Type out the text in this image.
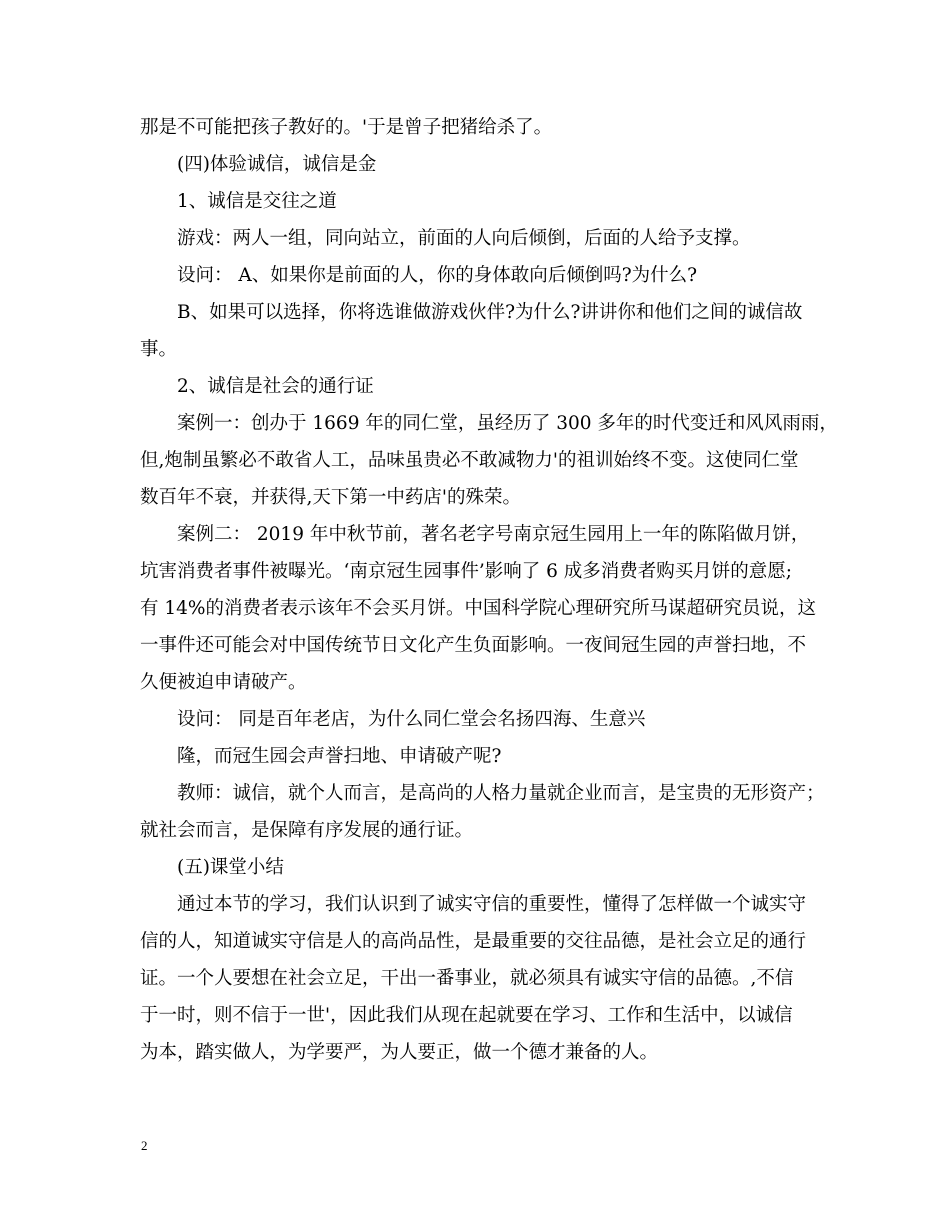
那是不可能把孩子教好的。'于是曾子把猪给杀了。
(四)体验诚信，诚信是金
1、诚信是交往之道
游戏：两人一组，同向站立，前面的人向后倾倒，后面的人给予支撑。
设问： A、如果你是前面的人，你的身体敢向后倾倒吗?为什么?
B、如果可以选择，你将选谁做游戏伙伴?为什么?讲讲你和他们之间的诚信故
事。
2、诚信是社会的通行证
案例一：创办于 1669 年的同仁堂，虽经历了 300 多年的时代变迁和风风雨雨，
但,炮制虽繁必不敢省人工，品味虽贵必不敢减物力'的祖训始终不变。这使同仁堂
数百年不衰，并获得,天下第一中药店'的殊荣。
案例二： 2019 年中秋节前，著名老字号南京冠生园用上一年的陈陷做月饼，
坑害消费者事件被曝光。‘南京冠生园事件’影响了 6 成多消费者购买月饼的意愿;
有 14%的消费者表示该年不会买月饼。中国科学院心理研究所马谋超研究员说，这
一事件还可能会对中国传统节日文化产生负面影响。一夜间冠生园的声誉扫地，不
久便被迫申请破产。
设问： 同是百年老店，为什么同仁堂会名扬四海、生意兴
隆，而冠生园会声誉扫地、申请破产呢?
教师：诚信，就个人而言，是高尚的人格力量就企业而言，是宝贵的无形资产；
就社会而言，是保障有序发展的通行证。
(五)课堂小结
通过本节的学习，我们认识到了诚实守信的重要性，懂得了怎样做一个诚实守
信的人，知道诚实守信是人的高尚品性，是最重要的交往品德，是社会立足的通行
证。一个人要想在社会立足，干出一番事业，就必须具有诚实守信的品德。,不信
于一时，则不信于一世'，因此我们从现在起就要在学习、工作和生活中，以诚信
为本，踏实做人，为学要严，为人要正，做一个德才兼备的人。
2
